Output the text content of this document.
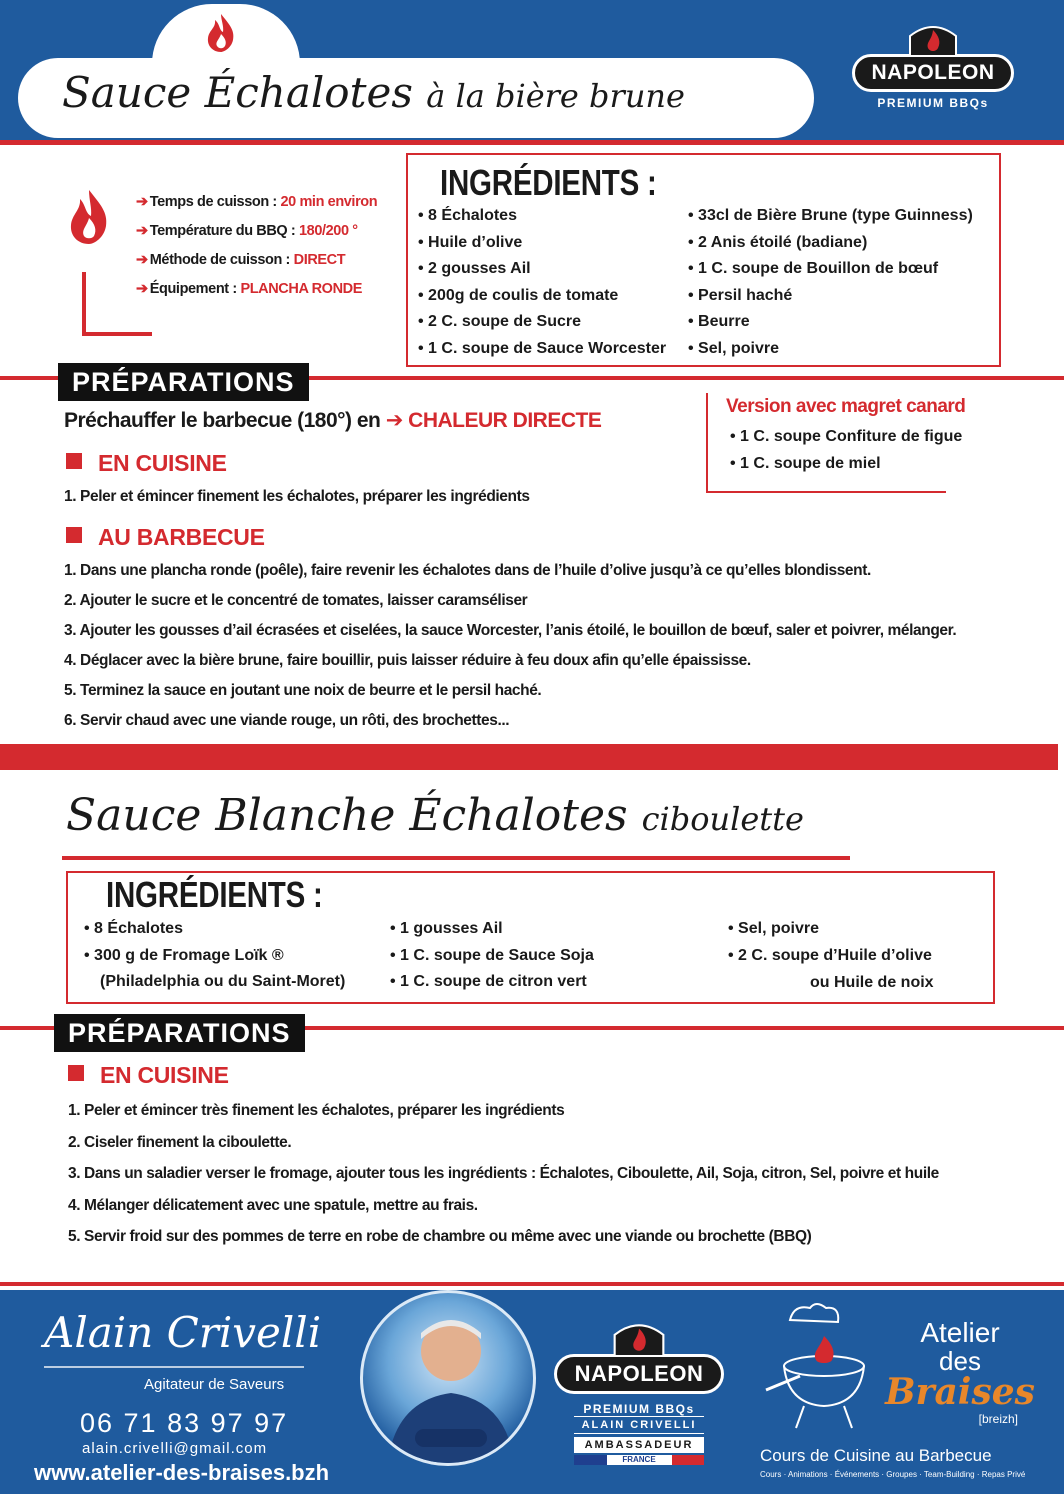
Sauce Échalotes à la bière brune
NAPOLEON
PREMIUM BBQs
➔ Temps de cuisson : 20 min environ
➔ Température du BBQ : 180/200 °
➔ Méthode de cuisson : DIRECT
➔ Équipement : PLANCHA RONDE
INGRÉDIENTS :
• 8 Échalotes
• Huile d’olive
• 2 gousses Ail
• 200g de coulis de tomate
• 2 C. soupe de Sucre
• 1 C. soupe de Sauce Worcester
• 33cl de Bière Brune (type Guinness)
• 2 Anis étoilé (badiane)
• 1 C. soupe de Bouillon de bœuf
• Persil haché
• Beurre
• Sel, poivre
PRÉPARATIONS
Préchauffer le barbecue (180°) en ➔ CHALEUR DIRECTE
Version avec magret canard
• 1 C. soupe Confiture de figue
• 1 C. soupe de miel
EN CUISINE
1. Peler et émincer finement les échalotes, préparer les ingrédients
AU BARBECUE
1. Dans une plancha ronde (poêle), faire revenir les échalotes dans de l’huile d’olive jusqu’à ce qu’elles blondissent.
2. Ajouter le sucre et le concentré de tomates, laisser caramséliser
3. Ajouter les gousses d’ail écrasées et ciselées, la sauce Worcester, l’anis étoilé, le bouillon de bœuf, saler et poivrer, mélanger.
4. Déglacer avec la bière brune, faire bouillir, puis laisser réduire à feu doux afin qu’elle épaississe.
5. Terminez la sauce en joutant une noix de beurre et le persil haché.
6. Servir chaud avec une viande rouge, un rôti, des brochettes...
Sauce Blanche Échalotes ciboulette
INGRÉDIENTS :
• 8 Échalotes
• 300 g de Fromage Loïk ®
(Philadelphia ou du Saint-Moret)
• 1 gousses Ail
• 1 C. soupe de Sauce Soja
• 1 C. soupe de citron vert
• Sel, poivre
• 2 C. soupe d’Huile d’olive
ou Huile de noix
PRÉPARATIONS
EN CUISINE
1. Peler et émincer très finement les échalotes, préparer les ingrédients
2. Ciseler finement la ciboulette.
3. Dans un saladier verser le fromage, ajouter tous les ingrédients : Échalotes, Ciboulette, Ail, Soja, citron, Sel, poivre et huile
4. Mélanger délicatement avec une spatule, mettre au frais.
5. Servir froid sur des pommes de terre en robe de chambre ou même avec une viande ou brochette (BBQ)
Alain Crivelli
Agitateur de Saveurs
06 71 83 97 97
alain.crivelli@gmail.com
www.atelier-des-braises.bzh
NAPOLEON
PREMIUM BBQs
ALAIN CRIVELLI
AMBASSADEUR
FRANCE
Atelier
des
Braises
[breizh]
Cours de Cuisine au Barbecue
Cours · Animations · Événements · Groupes · Team-Building · Repas Privé
